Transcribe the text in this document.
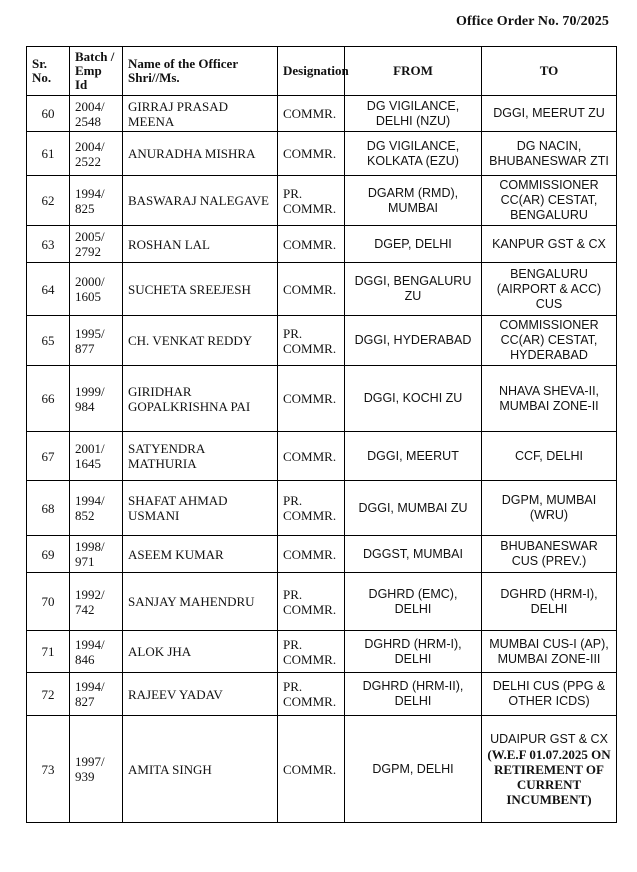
Office Order No. 70/2025
Sr. No.	Batch / Emp Id	Name of the Officer Shri//Ms.	Designation	FROM	TO
60	2004/ 2548	GIRRAJ PRASAD MEENA	COMMR.	DG VIGILANCE, DELHI (NZU)	DGGI, MEERUT ZU
61	2004/ 2522	ANURADHA MISHRA	COMMR.	DG VIGILANCE, KOLKATA (EZU)	DG NACIN, BHUBANESWAR ZTI
62	1994/ 825	BASWARAJ NALEGAVE	PR. COMMR.	DGARM (RMD), MUMBAI	COMMISSIONER CC(AR) CESTAT, BENGALURU
63	2005/ 2792	ROSHAN LAL	COMMR.	DGEP, DELHI	KANPUR GST & CX
64	2000/ 1605	SUCHETA SREEJESH	COMMR.	DGGI, BENGALURU ZU	BENGALURU (AIRPORT & ACC) CUS
65	1995/ 877	CH. VENKAT REDDY	PR. COMMR.	DGGI, HYDERABAD	COMMISSIONER CC(AR) CESTAT, HYDERABAD
66	1999/ 984	GIRIDHAR GOPALKRISHNA PAI	COMMR.	DGGI, KOCHI ZU	NHAVA SHEVA-II, MUMBAI ZONE-II
67	2001/ 1645	SATYENDRA MATHURIA	COMMR.	DGGI, MEERUT	CCF, DELHI
68	1994/ 852	SHAFAT AHMAD USMANI	PR. COMMR.	DGGI, MUMBAI ZU	DGPM, MUMBAI (WRU)
69	1998/ 971	ASEEM KUMAR	COMMR.	DGGST, MUMBAI	BHUBANESWAR CUS (PREV.)
70	1992/ 742	SANJAY MAHENDRU	PR. COMMR.	DGHRD (EMC), DELHI	DGHRD (HRM-I), DELHI
71	1994/ 846	ALOK JHA	PR. COMMR.	DGHRD (HRM-I), DELHI	MUMBAI CUS-I (AP), MUMBAI ZONE-III
72	1994/ 827	RAJEEV YADAV	PR. COMMR.	DGHRD (HRM-II), DELHI	DELHI CUS (PPG & OTHER ICDS)
73	1997/ 939	AMITA SINGH	COMMR.	DGPM, DELHI	UDAIPUR GST & CX
(W.E.F 01.07.2025 ON RETIREMENT OF CURRENT INCUMBENT)
